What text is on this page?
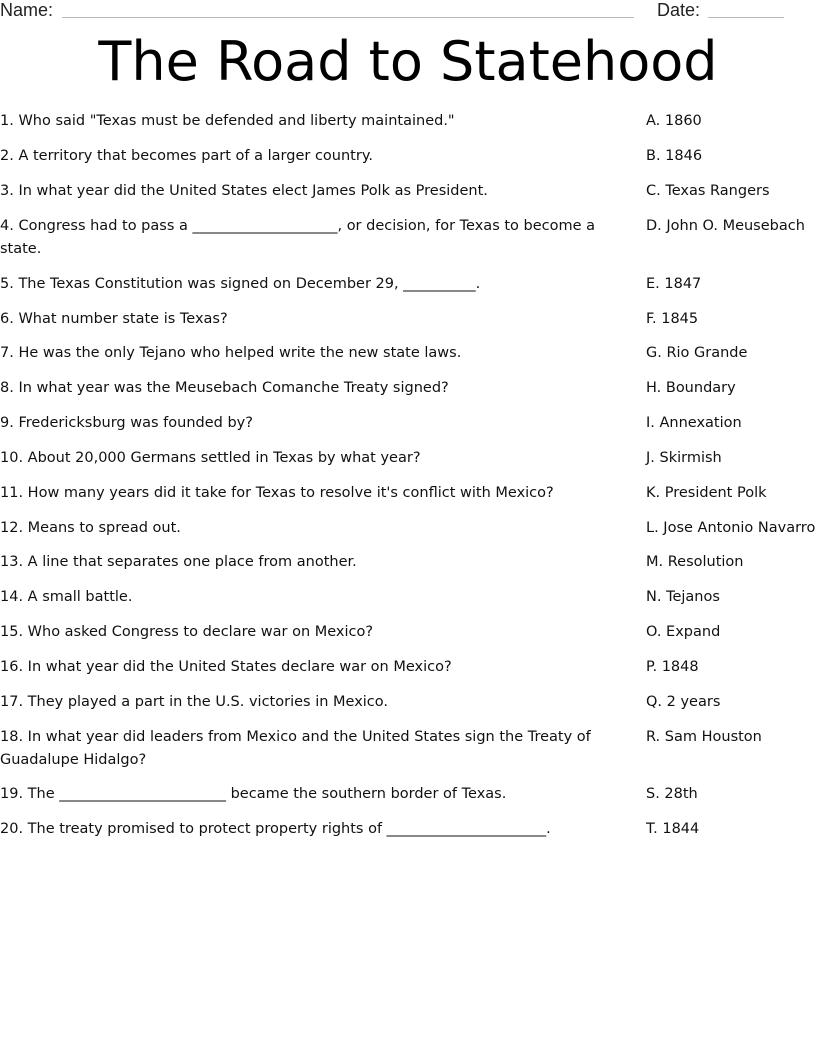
Name:	Date:
The Road to Statehood
1. Who said "Texas must be defended and liberty maintained."
2. A territory that becomes part of a larger country.
3. In what year did the United States elect James Polk as President.
4. Congress had to pass a ____________________, or decision, for Texas to become a state.
5. The Texas Constitution was signed on December 29, __________.
6. What number state is Texas?
7. He was the only Tejano who helped write the new state laws.
8. In what year was the Meusebach Comanche Treaty signed?
9. Fredericksburg was founded by?
10. About 20,000 Germans settled in Texas by what year?
11. How many years did it take for Texas to resolve it's conflict with Mexico?
12. Means to spread out.
13. A line that separates one place from another.
14. A small battle.
15. Who asked Congress to declare war on Mexico?
16. In what year did the United States declare war on Mexico?
17. They played a part in the U.S. victories in Mexico.
18. In what year did leaders from Mexico and the United States sign the Treaty of Guadalupe Hidalgo?
19. The _______________________ became the southern border of Texas.
20. The treaty promised to protect property rights of ______________________.
A. 1860
B. 1846
C. Texas Rangers
D. John O. Meusebach
E. 1847
F. 1845
G. Rio Grande
H. Boundary
I. Annexation
J. Skirmish
K. President Polk
L. Jose Antonio Navarro
M. Resolution
N. Tejanos
O. Expand
P. 1848
Q. 2 years
R. Sam Houston
S. 28th
T. 1844
